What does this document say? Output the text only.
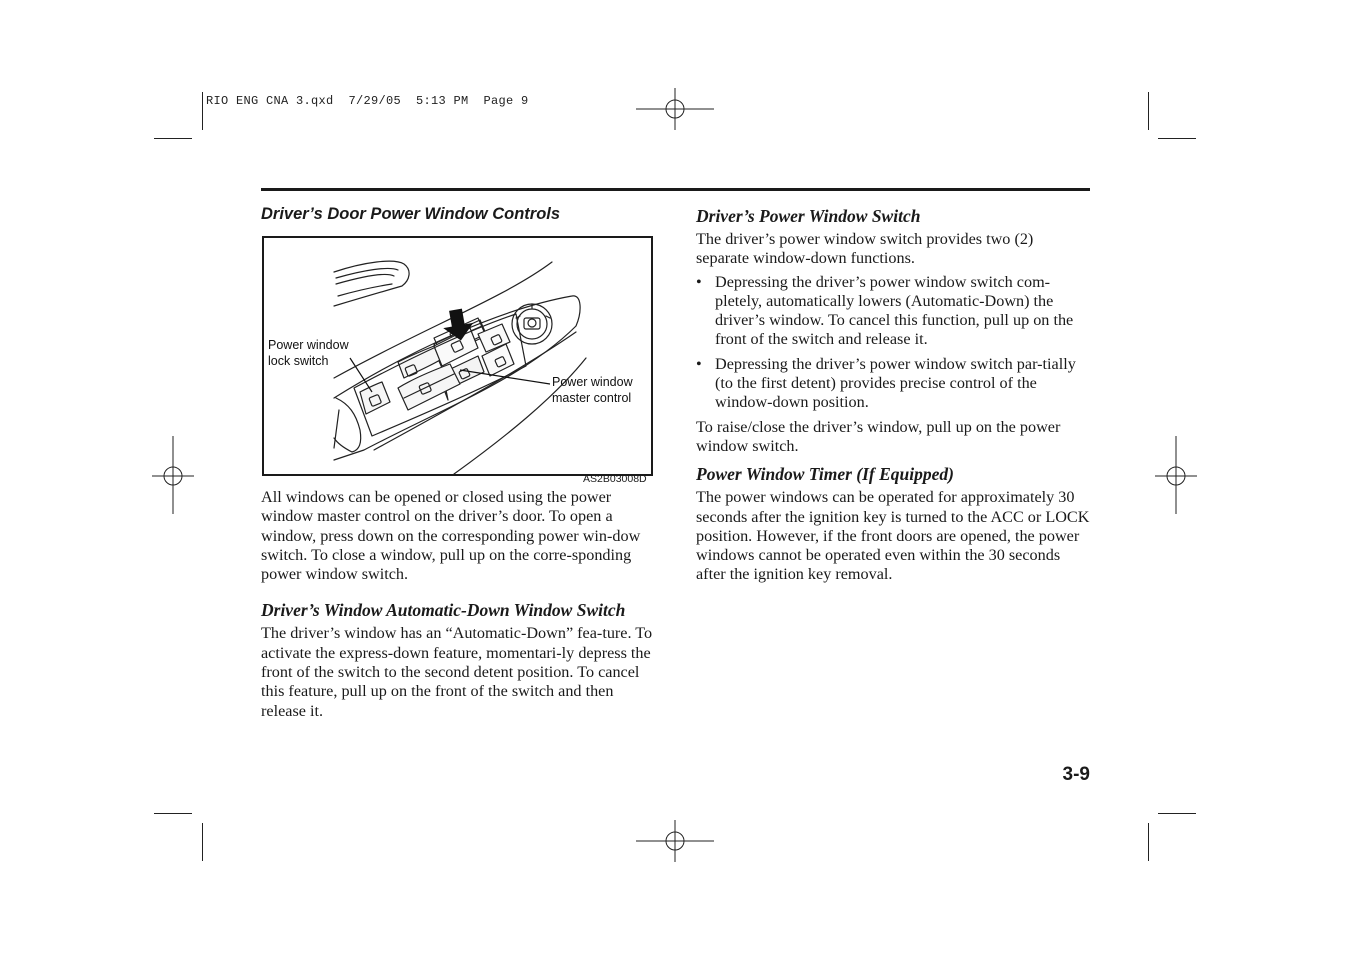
RIO ENG CNA 3.qxd  7/29/05  5:13 PM  Page 9
Driver’s Door Power Window Controls
Power window
lock switch
Power window
master control
AS2B03008D

All windows can be opened or closed using the power window master control on the driver’s door. To open a window, press down on the corresponding power win-dow switch. To close a window, pull up on the corre-sponding power window switch.

Driver’s Window Automatic-Down Window Switch

The driver’s window has an “Automatic-Down” fea-ture. To activate the express-down feature, momentari-ly depress the front of the switch to the second detent position. To cancel this feature, pull up on the front of the switch and then release it.

Driver’s Power Window Switch

The driver’s power window switch provides two (2) separate window-down functions.

• Depressing the driver’s power window switch com-pletely, automatically lowers (Automatic-Down) the driver’s window. To cancel this function, pull up on the front of the switch and release it.
• Depressing the driver’s power window switch par-tially (to the first detent) provides precise control of the window-down position.

To raise/close the driver’s window, pull up on the power window switch.

Power Window Timer (If Equipped)

The power windows can be operated for approximately 30 seconds after the ignition key is turned to the ACC or LOCK position. However, if the front doors are opened, the power windows cannot be operated even within the 30 seconds after the ignition key removal.

3-9
